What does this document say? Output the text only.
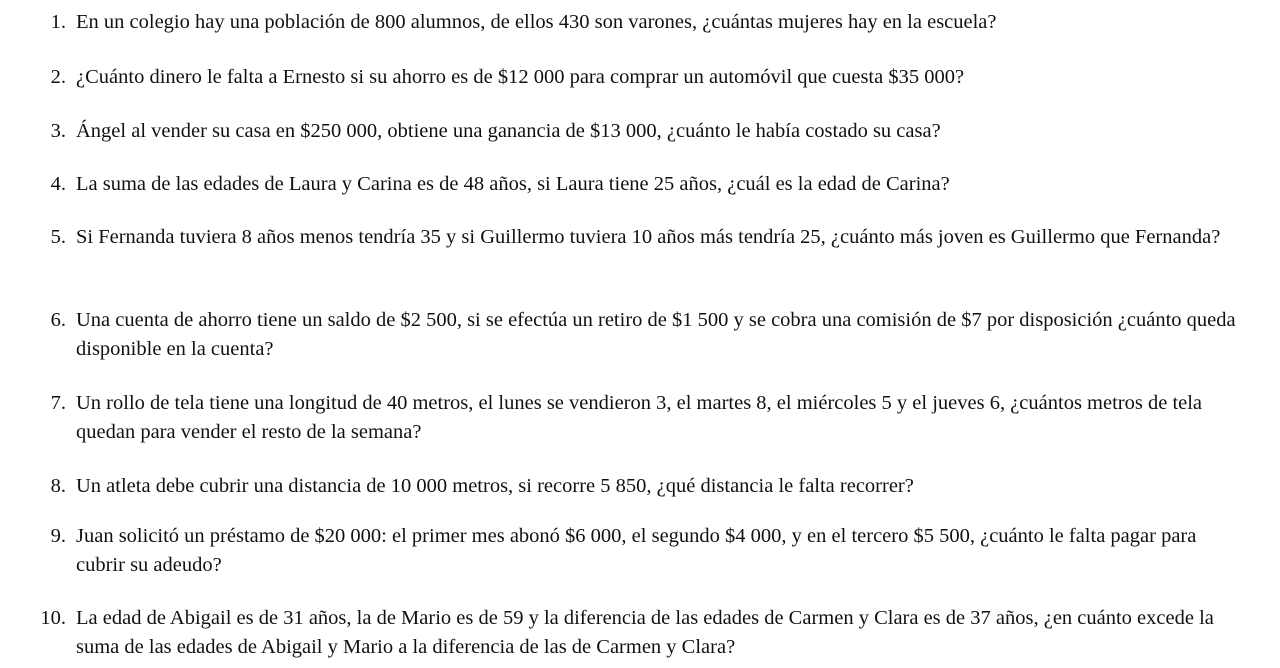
1. En un colegio hay una población de 800 alumnos, de ellos 430 son varones, ¿cuántas mujeres hay en la escuela?
2. ¿Cuánto dinero le falta a Ernesto si su ahorro es de $12 000 para comprar un automóvil que cuesta $35 000?
3. Ángel al vender su casa en $250 000, obtiene una ganancia de $13 000, ¿cuánto le había costado su casa?
4. La suma de las edades de Laura y Carina es de 48 años, si Laura tiene 25 años, ¿cuál es la edad de Carina?
5. Si Fernanda tuviera 8 años menos tendría 35 y si Guillermo tuviera 10 años más tendría 25, ¿cuánto más joven es Guillermo que Fernanda?
6. Una cuenta de ahorro tiene un saldo de $2 500, si se efectúa un retiro de $1 500 y se cobra una comisión de $7 por disposición ¿cuánto queda disponible en la cuenta?
7. Un rollo de tela tiene una longitud de 40 metros, el lunes se vendieron 3, el martes 8, el miércoles 5 y el jueves 6, ¿cuántos metros de tela quedan para vender el resto de la semana?
8. Un atleta debe cubrir una distancia de 10 000 metros, si recorre 5 850, ¿qué distancia le falta recorrer?
9. Juan solicitó un préstamo de $20 000: el primer mes abonó $6 000, el segundo $4 000, y en el tercero $5 500, ¿cuánto le falta pagar para cubrir su adeudo?
10. La edad de Abigail es de 31 años, la de Mario es de 59 y la diferencia de las edades de Carmen y Clara es de 37 años, ¿en cuánto excede la suma de las edades de Abigail y Mario a la diferencia de las de Carmen y Clara?
